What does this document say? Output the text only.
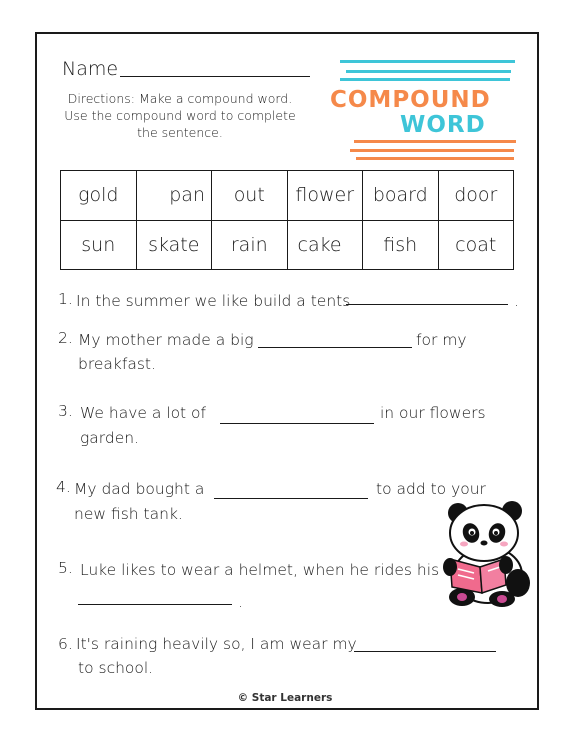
Name
Directions: Make a compound word.
Use the compound word to complete
the sentence.
COMPOUND
WORD
gold	pan	out	flower	board	door
sun	skate	rain	cake	fish	coat
1. In the summer we like build a tents	.
2. My mother made a big	for my
breakfast.
3. We have a lot of	in our flowers
garden.
4. My dad bought a	to add to your
new fish tank.
5. Luke likes to wear a helmet, when he rides his
.
6. It's raining heavily so, I am wear my
to school.
© Star Learners
